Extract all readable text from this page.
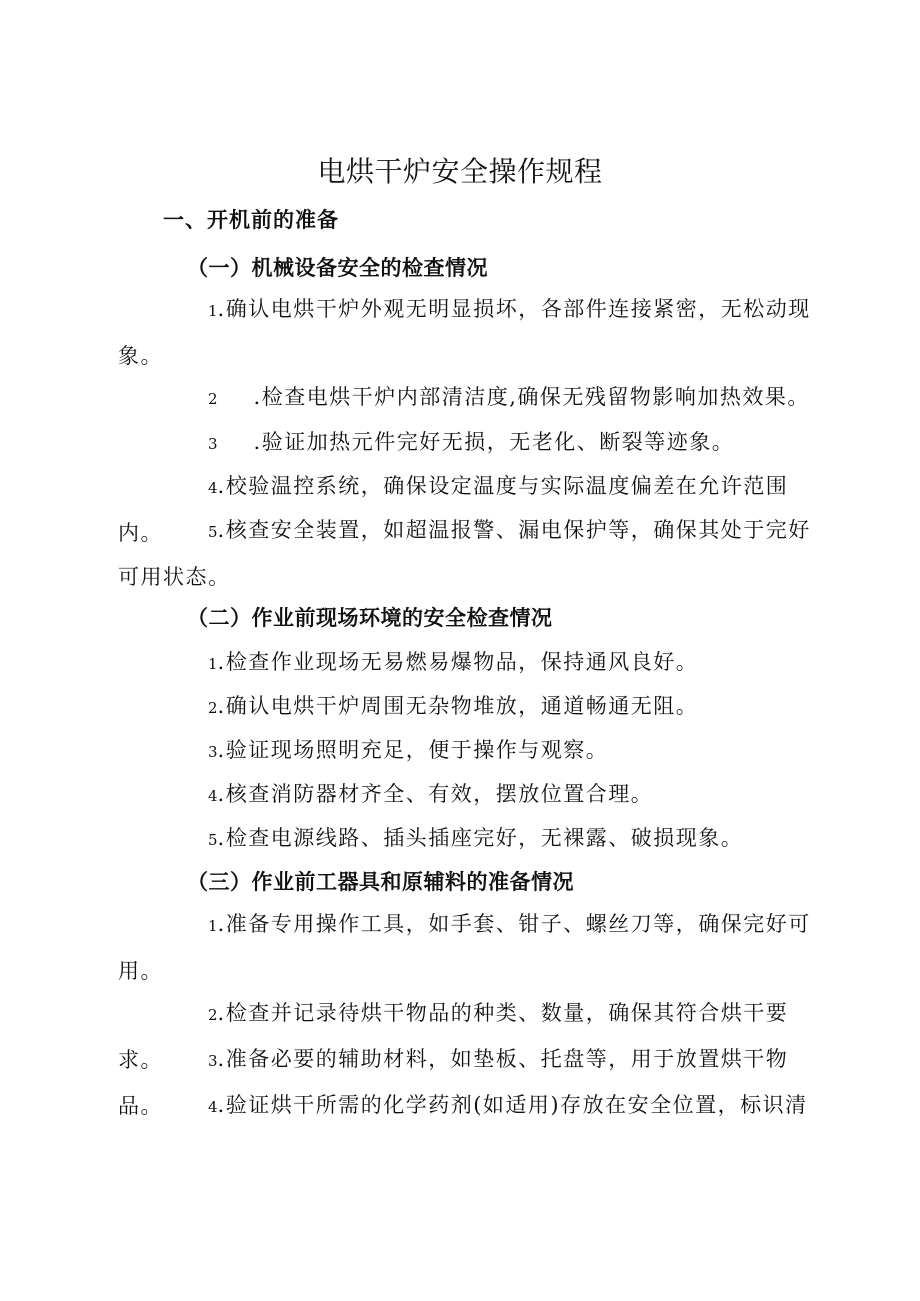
电烘干炉安全操作规程
一、开机前的准备
（一）机械设备安全的检查情况
1.确认电烘干炉外观无明显损坏，各部件连接紧密，无松动现象。
2 .检查电烘干炉内部清洁度,确保无残留物影响加热效果。
3 .验证加热元件完好无损，无老化、断裂等迹象。
4.校验温控系统，确保设定温度与实际温度偏差在允许范围内。	5.核查安全装置，如超温报警、漏电保护等，确保其处于完好可用状态。
（二）作业前现场环境的安全检查情况
1.检查作业现场无易燃易爆物品，保持通风良好。
2.确认电烘干炉周围无杂物堆放，通道畅通无阻。
3.验证现场照明充足，便于操作与观察。
4.核查消防器材齐全、有效，摆放位置合理。
5.检查电源线路、插头插座完好，无裸露、破损现象。
（三）作业前工器具和原辅料的准备情况
1.准备专用操作工具，如手套、钳子、螺丝刀等，确保完好可用。
2.检查并记录待烘干物品的种类、数量，确保其符合烘干要求。	3.准备必要的辅助材料，如垫板、托盘等，用于放置烘干物品。	4.验证烘干所需的化学药剂(如适用)存放在安全位置，标识清
